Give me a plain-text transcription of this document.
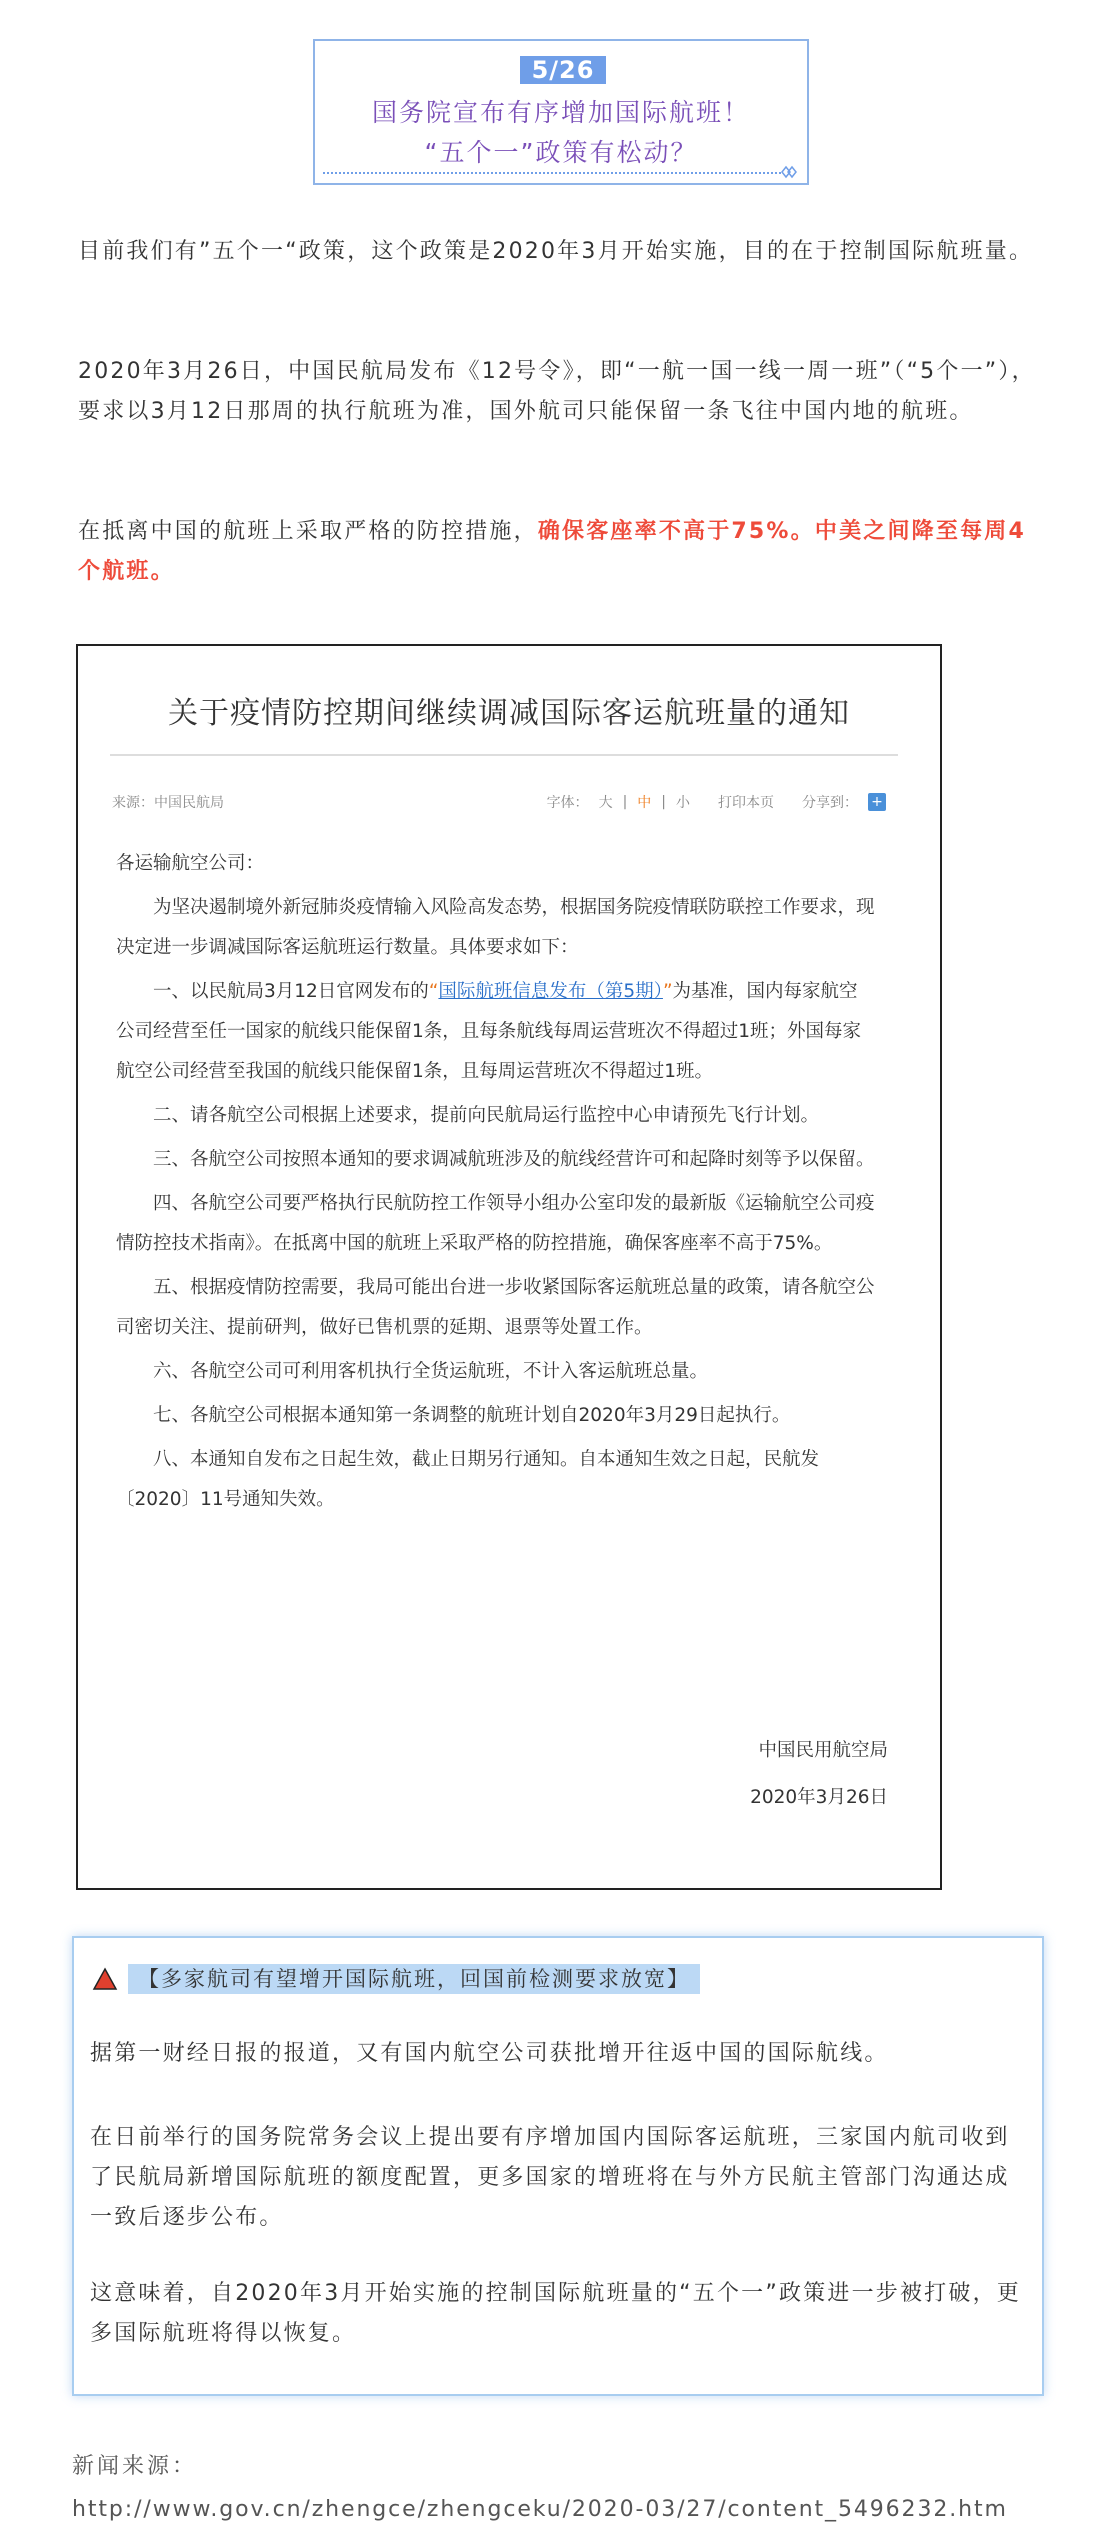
5/26
国务院宣布有序增加国际航班！
“五个一”政策有松动？
目前我们有”五个一“政策，这个政策是2020年3月开始实施，目的在于控制国际航班量。
2020年3月26日，中国民航局发布《12号令》，即“一航一国一线一周一班”（“5个一”），要求以3月12日那周的执行航班为准，国外航司只能保留一条飞往中国内地的航班。
在抵离中国的航班上采取严格的防控措施，确保客座率不高于75%。中美之间降至每周4个航班。
关于疫情防控期间继续调减国际客运航班量的通知
来源：中国民航局	字体： 大 | 中 | 小 打印本页 分享到： +

各运输航空公司：

为坚决遏制境外新冠肺炎疫情输入风险高发态势，根据国务院疫情联防联控工作要求，现决定进一步调减国际客运航班运行数量。具体要求如下：

一、以民航局3月12日官网发布的“国际航班信息发布（第5期）”为基准，国内每家航空公司经营至任一国家的航线只能保留1条，且每条航线每周运营班次不得超过1班；外国每家航空公司经营至我国的航线只能保留1条，且每周运营班次不得超过1班。

二、请各航空公司根据上述要求，提前向民航局运行监控中心申请预先飞行计划。

三、各航空公司按照本通知的要求调减航班涉及的航线经营许可和起降时刻等予以保留。

四、各航空公司要严格执行民航防控工作领导小组办公室印发的最新版《运输航空公司疫情防控技术指南》。在抵离中国的航班上采取严格的防控措施，确保客座率不高于75%。

五、根据疫情防控需要，我局可能出台进一步收紧国际客运航班总量的政策，请各航空公司密切关注、提前研判，做好已售机票的延期、退票等处置工作。

六、各航空公司可利用客机执行全货运航班，不计入客运航班总量。

七、各航空公司根据本通知第一条调整的航班计划自2020年3月29日起执行。

八、本通知自发布之日起生效，截止日期另行通知。自本通知生效之日起，民航发〔2020〕11号通知失效。

中国民用航空局
2020年3月26日
【多家航司有望增开国际航班，回国前检测要求放宽】
据第一财经日报的报道，又有国内航空公司获批增开往返中国的国际航线。
在日前举行的国务院常务会议上提出要有序增加国内国际客运航班，三家国内航司收到了民航局新增国际航班的额度配置，更多国家的增班将在与外方民航主管部门沟通达成一致后逐步公布。
这意味着，自2020年3月开始实施的控制国际航班量的“五个一”政策进一步被打破，更多国际航班将得以恢复。
新闻来源：
http://www.gov.cn/zhengce/zhengceku/2020-03/27/content_5496232.htm
